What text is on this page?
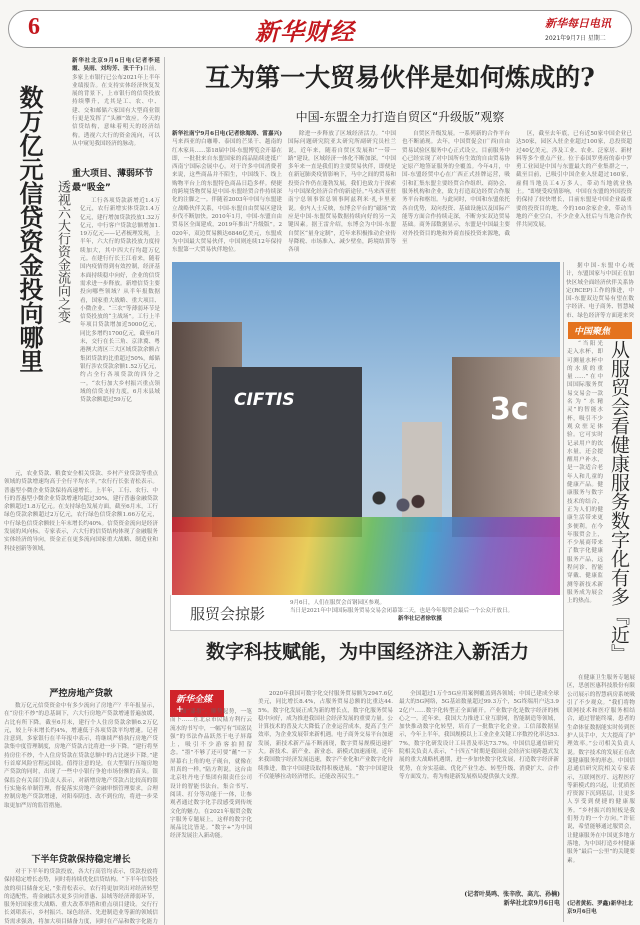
6	新华财经	新华每日电讯
2021年9月7日 星期二
数万亿元信贷资金投向哪里 透视六大行资金流向之变
新华社北京9月6日电(记者李延霞、吴雨、刘均芳、张千千)目前，多家上市银行已公布2021年上半年业绩报告。在支持实体经济恢复发展的背景下，上市银行的信贷投放持续攀升，尤其是工、农、中、建、交和邮储六家国有大型商业银行更是发挥了“头雁”效应。今天的信贷结构，意味着明天的经济结构。透视六大行的资金流向，可以从中窥见我国经济的脉动。
重大项目、薄弱环节最“吸金”
工行各项贷款新增近1.4万亿元，农行新增实体贷款1.4万亿元，建行增加贷款投放1.32万亿元，中行客户贷款总额增加1.19万亿元——记者梳理发现，上半年，六大行的贷款投放力度持续加大，其中四大行均超万亿元。在建行行长王江看来，随着国内疫情得到有效控制，经济基本面持续稳中向好，企业的信贷需求进一步释放。新增信贷主要投向哪些领域？从半年报数据看，国家重大战略、重大项目、小微企业、“三农”等薄弱环节是信贷投放的“主战场”。工行上半年项目贷款增加近5000亿元，同比多增约1700亿元，截至6月末，交行在长三角、京津冀、粤港澳大湾区三大区域贷款余额占集团贷款的比重超过50%，邮储银行涉农贷款余额1.52万亿元，约占全行各项贷款的四分之一。“农行加大乡村振兴重点领域的信贷支持力度，6月末县域贷款余额超过59万亿
元，农业贷款、粮食安全相关贷款、乡村产业贷款等重点领域的贷款增速均高于全行平均水平。”农行行长张青松表示。普惠型小微企业贷款保持高速增长。上半年，工行、农行、中行的普惠型小微企业贷款增速均超过30%，建行普惠金融贷款余额超过1.8万亿元。在支持绿色发展方面，截至6月末，工行绿色贷款余额超过2万亿元，农行绿色信贷余额1.66万亿元，中行绿色信贷余额较上年末增长约40%。信贷资金流向是经济发展的风向标。专家表示，六大行的信贷结构体现了金融服务实体经济的导向，资金正在更多流向国家重大战略、制造业和科技创新等领域。
严控房地产贷款
数万亿元信贷资金中有多少流向了房地产？半年报显示，在“房住不炒”的总基调下，六大行房地产贷款增速普遍放缓，占比有所下降。截至6月末，建行个人住房贷款余额6.2万亿元，较上年末增长约4%，增速低于各项贷款平均增速。记者注意到，多家银行在半年报中表示，将继续严格执行房地产贷款集中度管理制度，房地产贷款占比将进一步下降。“建行将坚持房住不炒，个人住房贷款在贷款总额中的占比逐步下降。”建行首席风险官程远国说。值得注意的是，在大型银行压缩房地产贷款的同时，出现了一些中小银行争抢市场份额的苗头。银保监会有关部门负责人表示，对新增房地产贷款占比较高的银行实施名单制管理，督促落实房地产金融审慎管理要求，合理控制房地产贷款增速，对阳奉阴违、改不到位的，将进一步采取更加严厉的监管措施。
下半年贷款保持稳定增长
对于下半年的贷款投放，各大行高管均表示，贷款投放将保持稳定增长态势，同时将持续优化信贷结构。“下半年信贷投放的项目储备充足，”张青松表示，农行将更加突出对经济转型的适配性，将金融活水更多引向普惠、县域等经济薄弱环节，服务好国家重大战略、重大改革举措和重点项目建设。交行行长刘珺表示，乡村振兴、绿色经济、先进制造业等新的领域信贷需求强劲，将加大项目储备力度，同时在产品和数字化能力
互为第一大贸易伙伴是如何炼成的?
中国-东盟全力打造自贸区“升级版”观察
新华社南宁9月6日电(记者徐海涛、雷嘉兴)马来西亚的白咖啡、泰国的芒果干、越南的红木家具……第18届中国-东盟博览会开幕在即，一批批来自东盟国家的商品陆续进抵广西南宁国际会展中心。对于许多中国消费者来说，这些商品并不陌生，中国线下、线上购物平台上的东盟特色商品日趋多样。便捷的跨境货物贸易是中国-东盟经贸合作持续深化的注脚之一。伴随着2003年中国与东盟建立战略伙伴关系，中国-东盟自由贸易区建设步伐不断加快。2010年1月，中国-东盟自由贸易区全面建成，2019年推出“升级版”。2020年，双边贸易额达6846亿美元，东盟成为中国最大贸易伙伴，中国则连续12年保持东盟第一大贸易伙伴地位。
除进一步释放了区域经济活力。“中国国际问题研究院亚太研究所副研究员杜兰说，近年来，随着自贸区发展和“一带一路”建设，区域经济一体化不断加深。“中国多年来一直是我们的主要贸易伙伴，即便是在新冠肺炎疫情影响下，马中之间的贸易和投资合作仍在蓬勃发展，我们也致力于探索与中国深化经济合作的新途径。”马来西亚驻南宁总领事馆总领事阿兹利米·扎卡里亚说。业内人士反映，东博会平台的“磁场”效应是中国-东盟贸易数据持续向好的另一关键因素。据王雷介绍，东博会为中国-东盟自贸区“量身定制”，近年来积极推动企业传导降税、市场准入、减少壁垒，跨境结算等各项
自贸区升级发展。一系列新的合作平台也不断涌现。去年，中国贸促会(广西)自由贸易试验区服务中心正式设立，目前服务中心已经实现了对中国所有生效的自由贸易协定原产地签证服务的全覆盖。今年4月，中国-东盟经贸中心在广西正式挂牌运营，吸引和汇集东盟主要经贸合作组织、商协会、服务机构和企业，致力打造双边经贸合作服务平台和枢纽。与此同时，中国和东盟依托各自优势，双向投资、基础设施以及国际产能等方面合作持续走深，不断夯实双边贸易基础。商务部数据显示，东盟是中国最主要对外投资目的地和外商直接投资来源地，截至
区，截至去年底，已有近50家中国企业已达50家，园区入驻企业超过100家，总投资超过40亿美元，涉及工业、农业、泛家居、新材料等多个重点产业。位于泰国罗勇府的泰中罗勇工业园是中国与东盟最大的产业集群之一，截至目前，已吸引中国企业入驻超过160家，雇佣当地员工4万多人，带动当地就业热土。“即便受疫情影响，中国在东盟的外国投资仍保持了较快增长，目前东盟是中国企业最重要的投资目的地，今的160余家企业，带动当地的产业空白，不少企业入驻后与当地合作伙伴共同发展。
据中国-东盟中心统计，东盟国家与中国正在加快区域全面经济伙伴关系协定(RCEP)工作的推进，中国-东盟双边贸易有望在数字经济、电子商务、智慧城市、绿色经济等方面迎来突
CIFTIS	3c
服贸会掠影
9月6日，人们在服贸会首钢园区参观。
当日是2021年中国国际服务贸易交易会闭幕第二天，也是今年服贸会最后一个公众开放日。
新华社记者徐钦摄
中国聚焦
“当阳光走入水杯，即可测量水杯中的水质的重量……”在中国国际服务贸易交易会一款名为“水精灵”的智能水杯，吸引不少观众驻足体验。它可实时记录用户的饮水量，还会提醒用户补水，是一款适合老年人和儿童的健康产品。健康服务与数字技术的结合，正为人们的健康生活带来更多便利。在今年服贸会上，不少展商带来了数字化健康服务产品，远程问诊、智能穿戴、健康监测等新技术新服务成为展会上的热点。 从服贸会看健康服务数字化有多『近』
在健康卫生服务专题展区，思创医惠科技股份有限公司展示的智慧病房系统吸引了不少观众。“我们将物联网技术和医疗服务相结合，通过智能终端，患者的生命体征数据能实时传到医护人员手中，大大提高了护理效率。”公司相关负责人说。数字技术的发展正在改变健康服务的形态。中国信息通信研究院相关专家表示，互联网医疗、远程医疗等新模式的兴起，让优质医疗资源下沉到基层，让更多人享受到便捷的健康服务。“乡村振兴的短板是我们努力的一个方向。”许征说，希望能够通过服贸会，让健康服务在中国更多地方落地，为中国打造乡村健康服务“最后一公里”的关键要素。
(记者黄拓、罗鑫)新华社北京9月6日电
数字科技赋能，为中国经济注入新活力
新华全媒+
图“漆墨”，顺势起势，一笔而下……在北京市民陆方利行云流水的书写中，一幅写有“国富民强”的书法作品跃然于电子屏幕上，吸引不少游客拍照留念。“墨”不够了还可要“蘸”一下屏幕右上角的电子砚台，就像在用真的一样。”陆方利说。这台由北京牡丹电子集团有限责任公司设计的智能书法台，集合书写、阅读、打分等功能于一体，让参观者通过数字化手段感受到传统文化的魅力。在2021年服贸会数字服务专题展上，这样的数字化展品比比皆是。“数字+”为中国经济发展注入新动能。
2020年我国可数字化交付服务贸易额为2947.6亿美元，同比增长8.4%，占服务贸易总额的比重达44.5%。数字化发展正成为新的增长点，数字化服务贸易稳中向好，成为推进我国社会经济发展的重要力量。公计算技术的普及大大降低了企业运营成本，提高了生产效率，为企业发展带来新机遇。电子商务交易平台加速发展，新技术新产品不断涌现，数字贸易规模迅速扩大。新技术、新产业、新业态、新模式加速涌现。近年来我国数字经济发展迅速，数字产业化和产业数字化持续推进，数字中国建设取得积极进展。“数字中国建设不仅能够拉动经济增长，还能改善民生。”
全国超过1万个5G应用案例覆盖到各领域；中国已建成全球最大的5G网络，5G基站数量超过99.3万个，5G终端用户达3.92亿户……数字化转型正全面铺开。产业数字化是数字经济的核心之一。近年来，我国大力推进工业互联网，智能制造等领域，加快推动数字化转型，培育了一批数字化企业。工信部数据显示，今年上半年，我国规模以上工业企业关键工序数控化率达53.7%，数字化研发设计工具普及率达73.7%。中国信息通信研究院相关负责人表示，“十四五”时期是我国社会经济实现跨越式发展的重大战略机遇期，进一步加快数字化发展，打造数字经济新优势，在夯实基础、优化产业生态、转型升级、消费扩大、合作等方面发力，将为构建新发展格局提供强大支撑。
(记者叶昊鸣、张辛欣、高亢、孙楠)
新华社北京9月6日电
